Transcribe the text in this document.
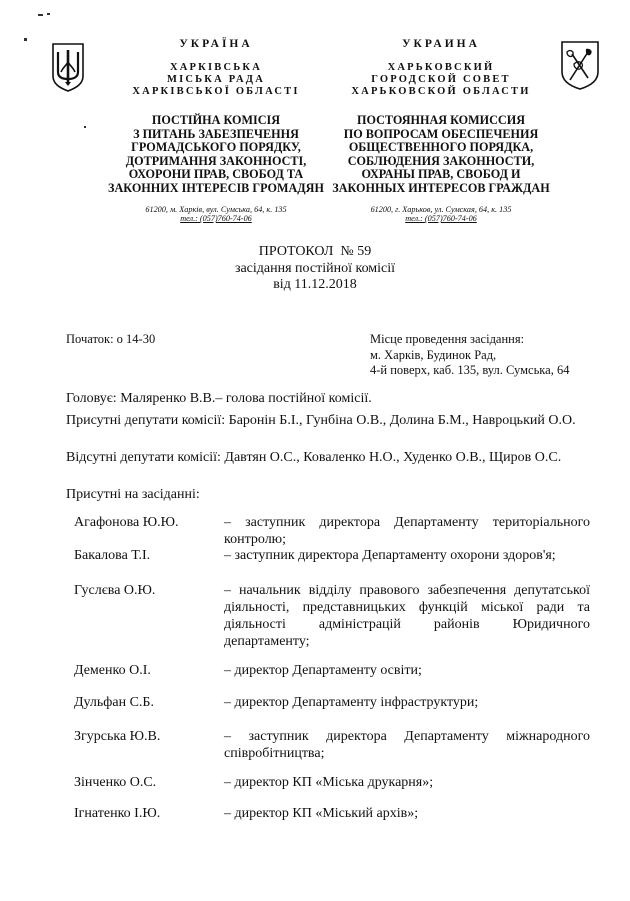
УКРАЇНА
ХАРКІВСЬКА
МІСЬКА РАДА
ХАРКІВСЬКОЇ ОБЛАСТІ
ПОСТІЙНА КОМІСІЯ
З ПИТАНЬ ЗАБЕЗПЕЧЕННЯ
ГРОМАДСЬКОГО ПОРЯДКУ,
ДОТРИМАННЯ ЗАКОННОСТІ,
ОХОРОНИ ПРАВ, СВОБОД ТА
ЗАКОННИХ ІНТЕРЕСІВ ГРОМАДЯН
61200, м. Харків, вул. Сумська, 64, к. 135
тел.: (057)760-74-06
УКРАИНА
ХАРЬКОВСКИЙ
ГОРОДСКОЙ СОВЕТ
ХАРЬКОВСКОЙ ОБЛАСТИ
ПОСТОЯННАЯ КОМИССИЯ
ПО ВОПРОСАМ ОБЕСПЕЧЕНИЯ
ОБЩЕСТВЕННОГО ПОРЯДКА,
СОБЛЮДЕНИЯ ЗАКОННОСТИ,
ОХРАНЫ ПРАВ, СВОБОД И
ЗАКОННЫХ ИНТЕРЕСОВ ГРАЖДАН
61200, г. Харьков, ул. Сумская, 64, к. 135
тел.: (057)760-74-06
ПРОТОКОЛ  № 59
засідання постійної комісії
від 11.12.2018
Початок: о 14-30	Місце проведення засідання:
м. Харків, Будинок Рад,
4-й поверх, каб. 135, вул. Сумська, 64
Головує: Маляренко В.В.– голова постійної комісії.
Присутні депутати комісії: Баронін Б.І., Гунбіна О.В., Долина Б.М., Навроцький О.О.
Відсутні депутати комісії: Давтян О.С., Коваленко Н.О., Худенко О.В., Щиров О.С.
Присутні на засіданні:
Агафонова Ю.Ю.	– заступник директора Департаменту територіального контролю;
Бакалова Т.І.	– заступник директора Департаменту охорони здоров'я;
Гуслєва О.Ю.	– начальник відділу правового забезпечення депутатської діяльності, представницьких функцій міської ради та діяльності адміністрацій районів Юридичного департаменту;
Деменко О.І.	– директор Департаменту освіти;
Дульфан С.Б.	– директор Департаменту інфраструктури;
Згурська Ю.В.	– заступник директора Департаменту міжнародного співробітництва;
Зінченко О.С.	– директор КП «Міська друкарня»;
Ігнатенко І.Ю.	– директор КП «Міський архів»;
